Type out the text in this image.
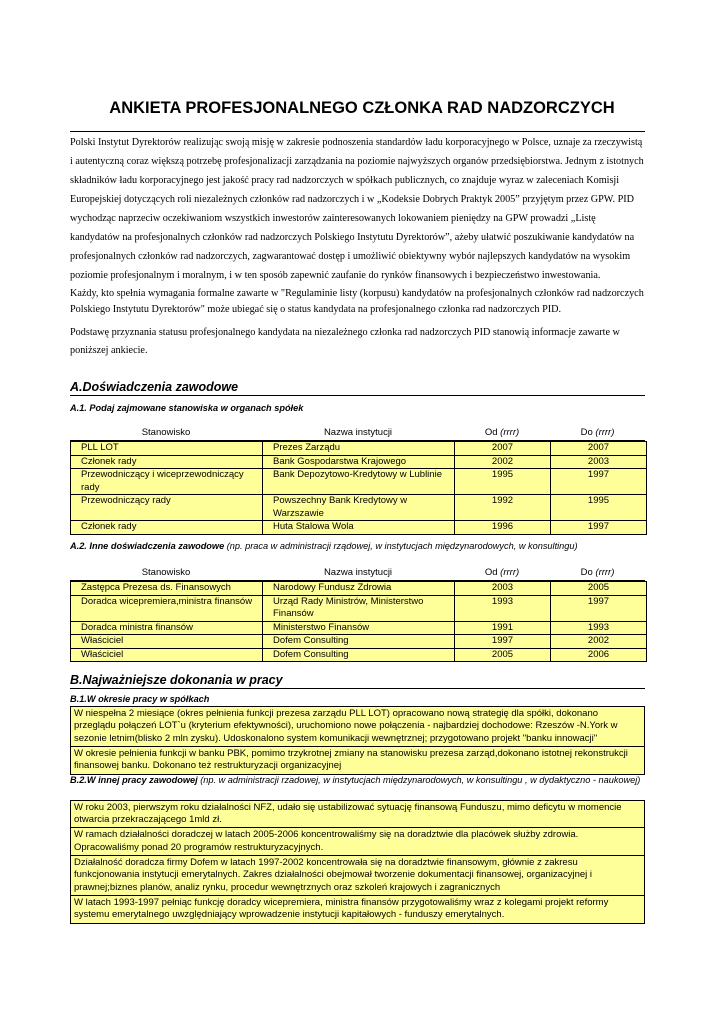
ANKIETA PROFESJONALNEGO CZŁONKA RAD NADZORCZYCH

Polski Instytut Dyrektorów realizując swoją misję w zakresie podnoszenia standardów ładu korporacyjnego w Polsce, uznaje za rzeczywistą i autentyczną coraz większą potrzebę profesjonalizacji zarządzania na poziomie najwyższych organów przedsiębiorstwa. Jednym z istotnych składników ładu korporacyjnego jest jakość pracy rad nadzorczych w spółkach publicznych, co znajduje wyraz w zaleceniach Komisji Europejskiej dotyczących roli niezależnych członków rad nadzorczych i w „Kodeksie Dobrych Praktyk 2005” przyjętym przez GPW. PID wychodząc naprzeciw oczekiwaniom wszystkich inwestorów zainteresowanych lokowaniem pieniędzy na GPW prowadzi „Listę kandydatów na profesjonalnych członków rad nadzorczych Polskiego Instytutu Dyrektorów”, ażeby ułatwić poszukiwanie kandydatów na profesjonalnych członków rad nadzorczych, zagwarantować dostęp i umożliwić obiektywny wybór najlepszych kandydatów na wysokim poziomie profesjonalnym i moralnym, i w ten sposób zapewnić zaufanie do rynków finansowych i bezpieczeństwo inwestowania.

Każdy, kto spełnia wymagania formalne zawarte w "Regulaminie listy (korpusu) kandydatów na profesjonalnych członków rad nadzorczych Polskiego Instytutu Dyrektorów" może ubiegać się o status kandydata na profesjonalnego członka rad nadzorczych PID.

Podstawę przyznania statusu profesjonalnego kandydata na niezależnego członka rad nadzorczych PID stanowią informacje zawarte w poniższej ankiecie.

A.Doświadczenia zawodowe
A.1. Podaj zajmowane stanowiska w organach spółek
Stanowisko	Nazwa instytucji	Od (rrrr)	Do (rrrr)
PLL LOT	Prezes Zarządu	2007	2007
Członek rady	Bank Gospodarstwa Krajowego	2002	2003
Przewodniczący i wiceprzewodniczący rady	Bank Depozytowo-Kredytowy w Lublinie	1995	1997
Przewodniczący rady	Powszechny Bank Kredytowy w Warzszawie	1992	1995
Członek rady	Huta Stalowa Wola	1996	1997
A.2. Inne doświadczenia zawodowe (np. praca w administracji rządowej, w instytucjach międzynarodowych, w konsultingu)
Stanowisko	Nazwa instytucji	Od (rrrr)	Do (rrrr)
Zastępca Prezesa ds. Finansowych	Narodowy Fundusz Zdrowia	2003	2005
Doradca wicepremiera,ministra finansów	Urząd Rady Ministrów, Ministerstwo Finansów	1993	1997
Doradca ministra finansów	Ministerstwo Finansów	1991	1993
Właściciel	Dofem Consulting	1997	2002
Właściciel	Dofem Consulting	2005	2006
B.Najważniejsze dokonania w pracy
B.1.W okresie pracy w spółkach
W niespełna 2 miesiące (okres pełnienia funkcji prezesa zarządu PLL LOT) opracowano nową strategię dla spółki, dokonano przeglądu połączeń LOT`u (kryterium efektywności), uruchomiono nowe połączenia - najbardziej dochodowe: Rzeszów -N.York w sezonie letnim(blisko 2 mln zysku). Udoskonalono system komunikacji wewnętrznej; przygotowano projekt "banku innowacji"
W okresie pełnienia funkcji w banku PBK, pomimo trzykrotnej zmiany na stanowisku prezesa zarząd,dokonano istotnej rekonstrukcji finansowej banku. Dokonano też restrukturyzacji organizacyjnej
B.2.W innej pracy zawodowej (np. w administracji rzadowej, w instytucjach międzynarodowych, w konsultingu , w dydaktyczno - naukowej)
W roku 2003, pierwszym roku działalności NFZ, udało się ustabilizować sytuację finansową Funduszu, mimo deficytu w momencie otwarcia przekraczającego 1mld zł.
W ramach działalności doradczej w latach 2005-2006 koncentrowaliśmy się na doradztwie dla placówek służby zdrowia. Opracowaliśmy ponad 20 programów restrukturyzacyjnych.
Działalność doradcza firmy Dofem w latach 1997-2002 koncentrowała się na doradztwie finansowym, głównie z zakresu funkcjonowania instytucji emerytalnych. Zakres działalności obejmował tworzenie dokumentacji finansowej, organizacyjnej i prawnej;biznes planów, analiz rynku, procedur wewnętrznych oraz szkoleń krajowych i zagranicznych
W latach 1993-1997 pełniąc funkcję doradcy wicepremiera, ministra finansów przygotowaliśmy wraz z kolegami projekt reformy systemu emerytalnego uwzględniający wprowadzenie instytucji kapitałowych - funduszy emerytalnych.
